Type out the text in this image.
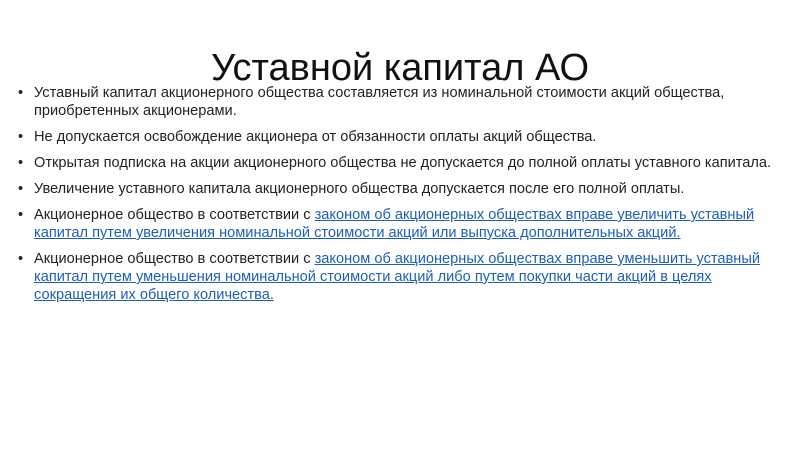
Уставной капитал АО
• Уставный капитал акционерного общества составляется из номинальной стоимости акций общества, приобретенных акционерами.
• Не допускается освобождение акционера от обязанности оплаты акций общества.
• Открытая подписка на акции акционерного общества не допускается до полной оплаты уставного капитала.
• Увеличение уставного капитала акционерного общества допускается после его полной оплаты.
• Акционерное общество в соответствии с законом об акционерных обществах вправе увеличить уставный капитал путем увеличения номинальной стоимости акций или выпуска дополнительных акций.
• Акционерное общество в соответствии с законом об акционерных обществах вправе уменьшить уставный капитал путем уменьшения номинальной стоимости акций либо путем покупки части акций в целях сокращения их общего количества.
